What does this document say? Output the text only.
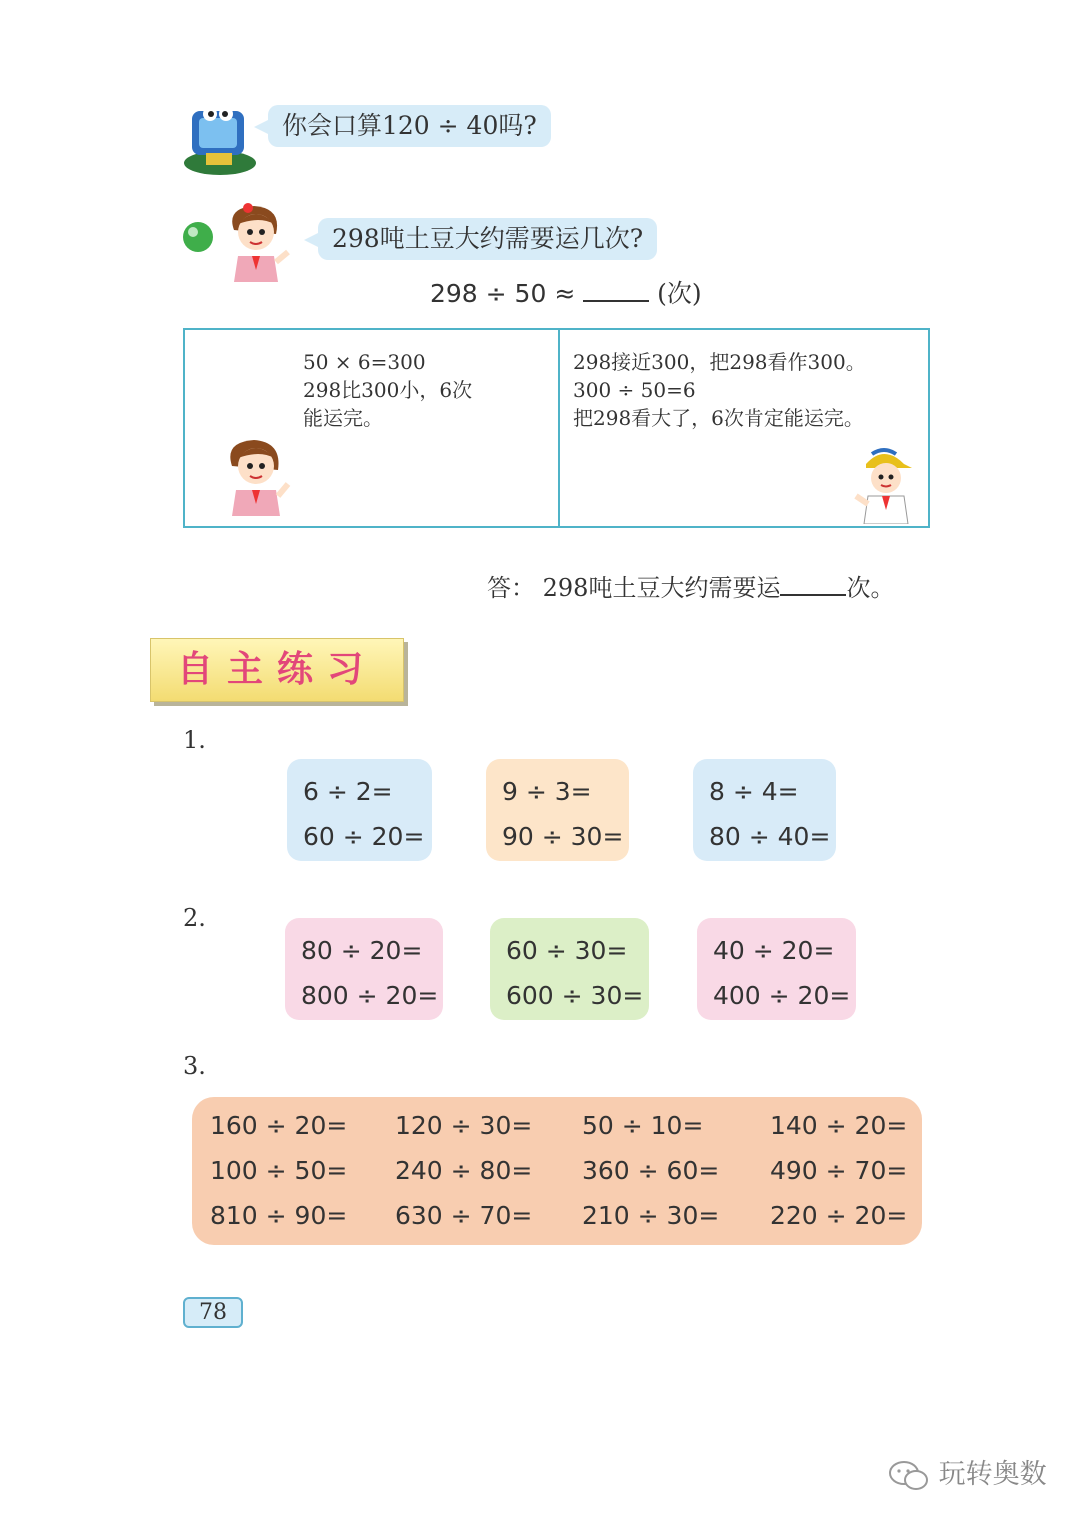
你会口算120 ÷ 40吗?
298吨土豆大约需要运几次?
298 ÷ 50 ≈	(次)
50 × 6=300
298比300小，6次
能运完。
298接近300，把298看作300。
300 ÷ 50=6
把298看大了，6次肯定能运完。
答： 298吨土豆大约需要运	次。
自主练习
1.
6 ÷ 2=
60 ÷ 20=
9 ÷ 3=
90 ÷ 30=
8 ÷ 4=
80 ÷ 40=
2.
80 ÷ 20=
800 ÷ 20=
60 ÷ 30=
600 ÷ 30=
40 ÷ 20=
400 ÷ 20=
3.
160 ÷ 20= 120 ÷ 30= 50 ÷ 10=	140 ÷ 20=
100 ÷ 50= 240 ÷ 80= 360 ÷ 60= 490 ÷ 70=
810 ÷ 90= 630 ÷ 70= 210 ÷ 30= 220 ÷ 20=
78
玩转奥数
